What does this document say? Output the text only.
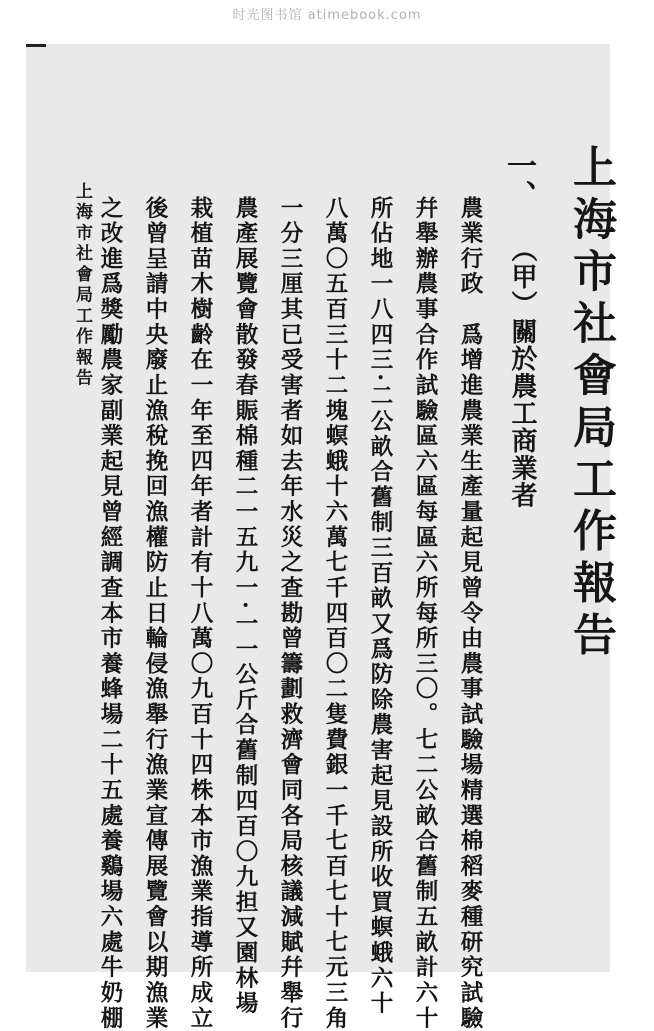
时光图书馆 atimebook.com
上海市社會局工作報告
一、
（甲）關於農工商業者
農業行政　爲增進農業生產量起見曾令由農事試驗場精選棉稻麥種研究試驗
幷舉辦農事合作試驗區六區每區六所每所三〇。七二公畝合舊制五畝計六十
所佔地一八四三·二公畝合舊制三百畝又爲防除農害起見設所收買螟蛾六十
八萬〇五百三十二塊螟蛾十六萬七千四百〇二隻費銀一千七百七十七元三角
一分三厘其已受害者如去年水災之查勘曾籌劃救濟會同各局核議減賦幷舉行
農產展覽會散發春賑棉種二一五九一·一一公斤合舊制四百〇九担又園林場
栽植苗木樹齡在一年至四年者計有十八萬〇九百十四株本市漁業指導所成立
後曾呈請中央廢止漁稅挽回漁權防止日輪侵漁舉行漁業宣傳展覽會以期漁業
之改進爲獎勵農家副業起見曾經調查本市養蜂場二十五處養鷄場六處牛奶棚
上海市社會局工作報告
